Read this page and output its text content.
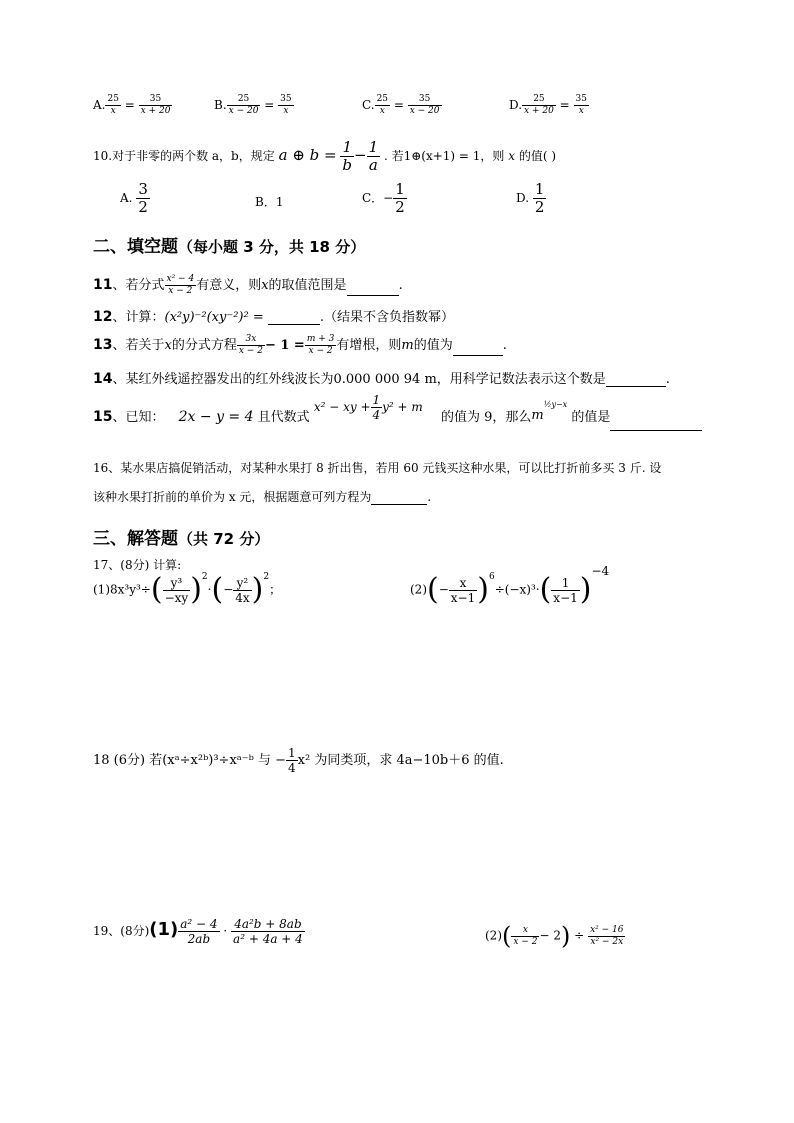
A. $\frac{25}{x} = \frac{35}{x + 20}$	B. $\frac{25}{x - 20} = \frac{35}{x}$	C. $\frac{25}{x} = \frac{35}{x - 20}$	D. $\frac{25}{x + 20} = \frac{35}{x}$
10.对于非零的两个数 a，b，规定 a ⊕ $b = \frac{1}{b} - \frac{1}{a}$ . 若1⊕(x+1) = 1，则 x 的值( )
A. $\frac{3}{2}$	B．1	C．− $\frac{1}{2}$	D. $\frac{1}{2}$
二、填空题（每小题 3 分，共 18 分）
11、若分式 $\frac{\text{x² − 4}}{x - 2}$ 有意义，则x的取值范围是	.
12、计算：(x²y)⁻²(xy⁻²)² =	.（结果不含负指数幂）
13、若关于x的分式方程 $\frac{3x}{x - 2} - 1 = \frac{m + 3}{x - 2}$ 有增根，则m的值为	.
14、某红外线遥控器发出的红外线波长为0.000 000 94 m，用科学记数法表示这个数是	.
15、已知： 2x − y = 4 且代数式 x² − xy + $\frac{1}{4} y^2 + m$ 的值为 9，那么$m^{\frac{1}{2}y-x}$ 的值是
16、某水果店搞促销活动，对某种水果打 8 折出售，若用 60 元钱买这种水果，可以比打折前多买 3 斤. 设
该种水果打折前的单价为 x 元，根据题意可列方程为	.
三、解答题（共 72 分）
17、(8分) 计算:
$(1)8x^3y^3\div( \frac{\text{y³}}{-xy} )^2\cdot(- \frac{\text{y²}}{4x} )^2$；	$(2)(- \frac{x}{x-1} )^6\div(-x)^3\cdot( \frac{1}{x-1} )^{-4}$
18 (6分) 若(xᵃ÷x²ᵇ)³÷xᵃ⁻ᵇ 与 − $\frac{1}{4} x^2$ 为同类项，求 4a−10b＋6 的值.
19、(8分)$(1) \frac{\text{a² − 4}}{2ab} \cdot \frac{\text{4a²b + 8ab}}{\text{a² + 4a + 4}}$	$(2)( \frac{x}{x - 2} - 2) \div \frac{\text{x² − 16}}{\text{x² − 2x}}$
